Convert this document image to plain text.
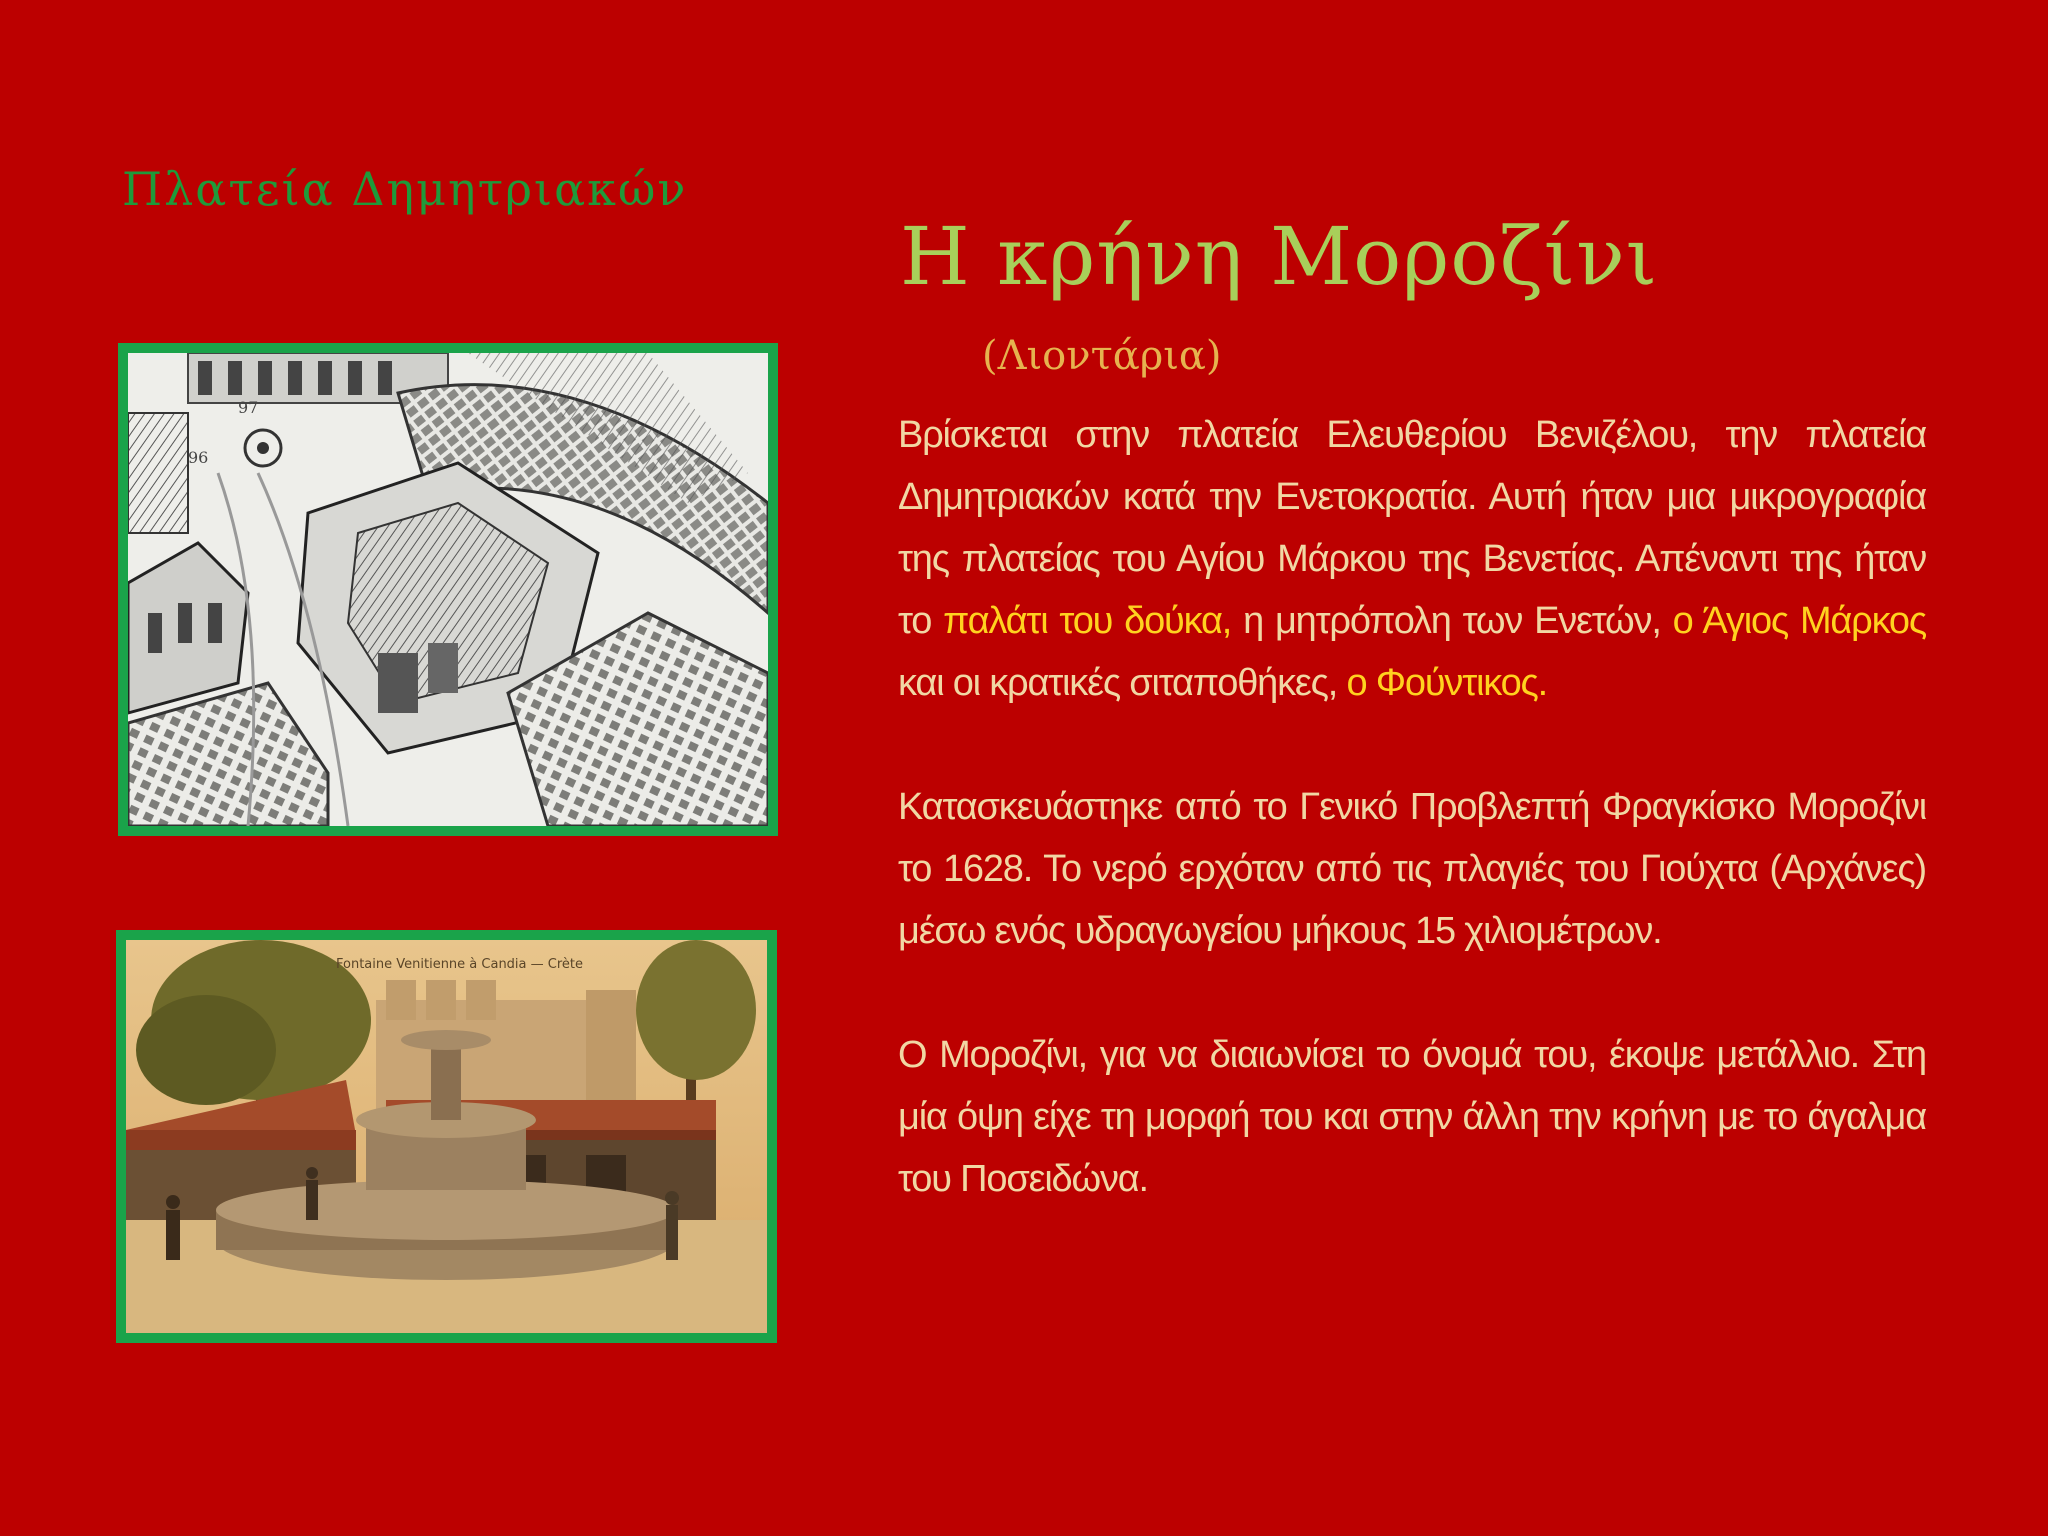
Πλατεία Δημητριακών
Η κρήνη Μοροζίνι
(Λιοντάρια)

Βρίσκεται στην πλατεία Ελευθερίου Βενιζέλου, την πλατεία Δημητριακών κατά την Ενετοκρατία. Αυτή ήταν μια μικρογραφία της πλατείας του Αγίου Μάρκου της Βενετίας. Απέναντι της ήταν το παλάτι του δούκα, η μητρόπολη των Ενετών, ο Άγιος Μάρκος και οι κρατικές σιταποθήκες, ο Φούντικος.

Κατασκευάστηκε από το Γενικό Προβλεπτή Φραγκίσκο Μοροζίνι το 1628. Το νερό ερχόταν από τις πλαγιές του Γιούχτα (Αρχάνες) μέσω ενός υδραγωγείου μήκους 15 χιλιομέτρων.

Ο Μοροζίνι, για να διαιωνίσει το όνομά του, έκοψε μετάλλιο. Στη μία όψη είχε τη μορφή του και στην άλλη την κρήνη με το άγαλμα του Ποσειδώνα.

96
97
Fontaine Venitienne à Candia — Crète
